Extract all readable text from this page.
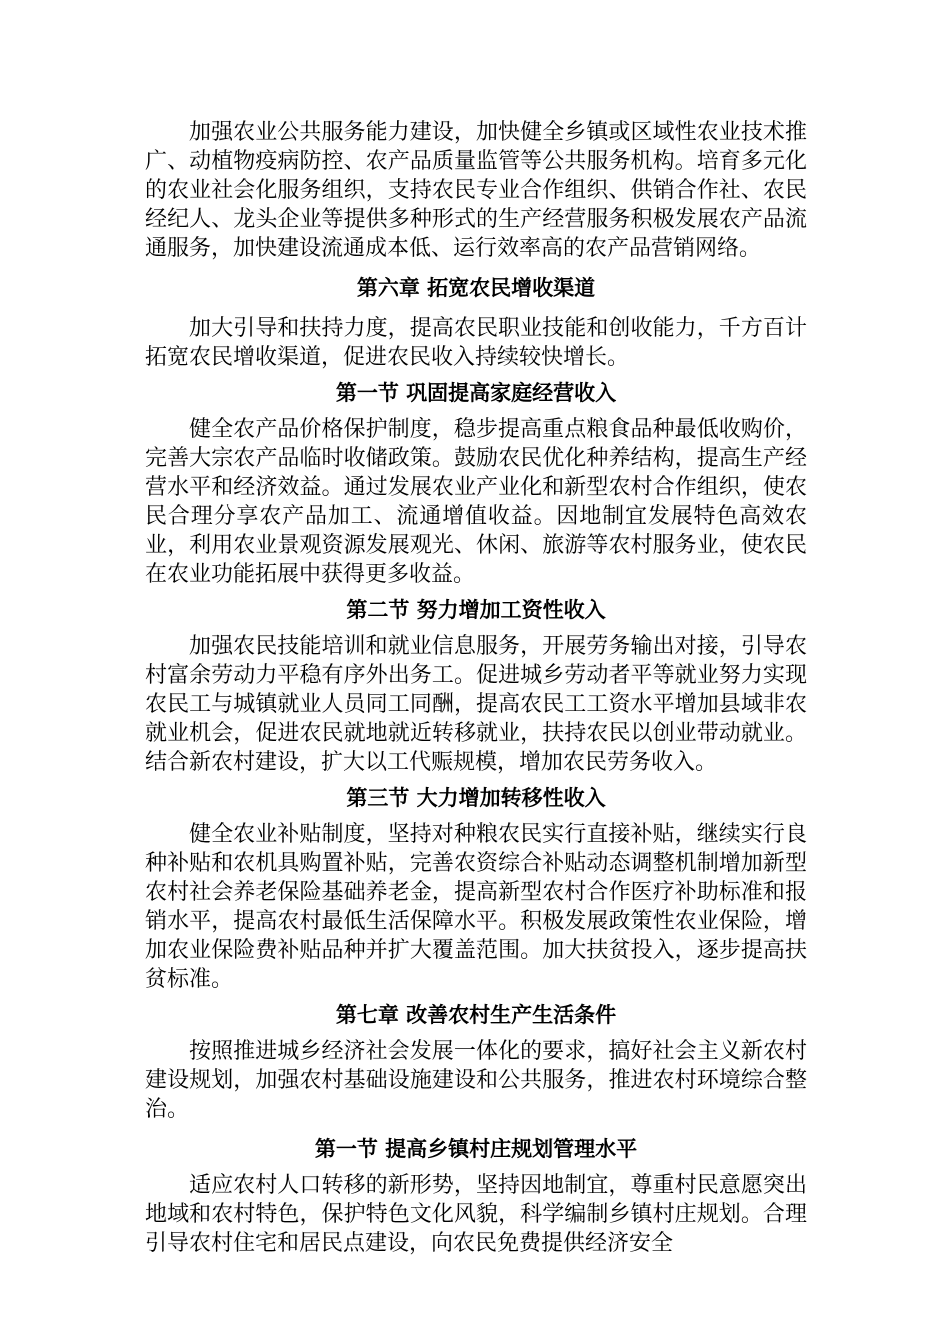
加强农业公共服务能力建设，加快健全乡镇或区域性农业技术推广、动植物疫病防控、农产品质量监管等公共服务机构。培育多元化的农业社会化服务组织，支持农民专业合作组织、供销合作社、农民经纪人、龙头企业等提供多种形式的生产经营服务积极发展农产品流通服务，加快建设流通成本低、运行效率高的农产品营销网络。

第六章 拓宽农民增收渠道

加大引导和扶持力度，提高农民职业技能和创收能力，千方百计拓宽农民增收渠道，促进农民收入持续较快增长。

第一节 巩固提高家庭经营收入

健全农产品价格保护制度，稳步提高重点粮食品种最低收购价，完善大宗农产品临时收储政策。鼓励农民优化种养结构，提高生产经营水平和经济效益。通过发展农业产业化和新型农村合作组织，使农民合理分享农产品加工、流通增值收益。因地制宜发展特色高效农业，利用农业景观资源发展观光、休闲、旅游等农村服务业，使农民在农业功能拓展中获得更多收益。

第二节 努力增加工资性收入

加强农民技能培训和就业信息服务，开展劳务输出对接，引导农村富余劳动力平稳有序外出务工。促进城乡劳动者平等就业努力实现农民工与城镇就业人员同工同酬，提高农民工工资水平增加县域非农就业机会，促进农民就地就近转移就业，扶持农民以创业带动就业。结合新农村建设，扩大以工代赈规模，增加农民劳务收入。

第三节 大力增加转移性收入

健全农业补贴制度，坚持对种粮农民实行直接补贴，继续实行良种补贴和农机具购置补贴，完善农资综合补贴动态调整机制增加新型农村社会养老保险基础养老金，提高新型农村合作医疗补助标准和报销水平，提高农村最低生活保障水平。积极发展政策性农业保险，增加农业保险费补贴品种并扩大覆盖范围。加大扶贫投入，逐步提高扶贫标准。

第七章 改善农村生产生活条件

按照推进城乡经济社会发展一体化的要求，搞好社会主义新农村建设规划，加强农村基础设施建设和公共服务，推进农村环境综合整治。

第一节 提高乡镇村庄规划管理水平

适应农村人口转移的新形势，坚持因地制宜，尊重村民意愿突出地域和农村特色，保护特色文化风貌，科学编制乡镇村庄规划。合理引导农村住宅和居民点建设，向农民免费提供经济安全
